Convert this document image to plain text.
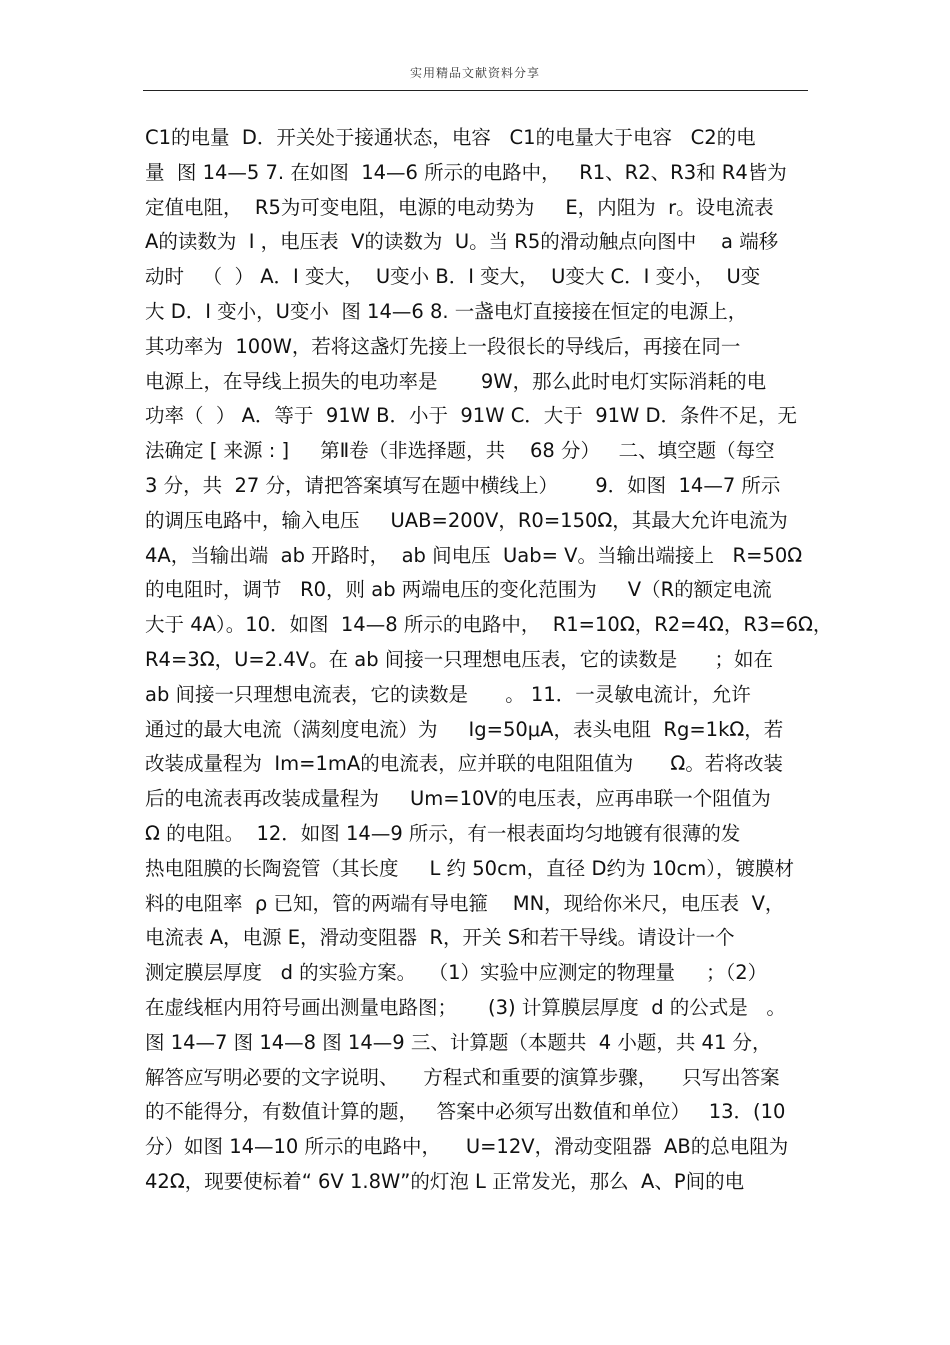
实用精品文献资料分享
C1的电量  D．开关处于接通状态，电容   C1的电量大于电容   C2的电
量  图 14—5 7. 在如图  14—6 所示的电路中，   R1、R2、R3和 R4皆为
定值电阻，  R5为可变电阻，电源的电动势为     E，内阻为  r。设电流表
A的读数为  I ，电压表  V的读数为  U。当 R5的滑动触点向图中    a 端移
动时   （  ） A．I 变大，  U变小 B．I 变大，  U变大 C．I 变小，  U变
大 D．I 变小，U变小  图 14—6 8. 一盏电灯直接接在恒定的电源上，
其功率为  100W，若将这盏灯先接上一段很长的导线后，再接在同一
电源上，在导线上损失的电功率是       9W，那么此时电灯实际消耗的电
功率（  ） A．等于  91W B．小于  91W C．大于  91W D．条件不足，无
法确定 [ 来源 : ]     第Ⅱ卷（非选择题，共    68 分）   二、填空题（每空
3 分，共  27 分，请把答案填写在题中横线上）      9．如图  14—7 所示
的调压电路中，输入电压     UAB=200V，R0=150Ω，其最大允许电流为
4A，当输出端  ab 开路时，  ab 间电压  Uab= V。当输出端接上   R=50Ω
的电阻时，调节   R0，则 ab 两端电压的变化范围为     V（R的额定电流
大于 4A）。10．如图  14—8 所示的电路中，  R1=10Ω，R2=4Ω，R3=6Ω，
R4=3Ω，U=2.4V。在 ab 间接一只理想电压表，它的读数是      ；如在
ab 间接一只理想电流表，它的读数是      。 11．一灵敏电流计，允许
通过的最大电流（满刻度电流）为     Ig=50μA，表头电阻  Rg=1kΩ，若
改装成量程为  Im=1mA的电流表，应并联的电阻阻值为      Ω。若将改装
后的电流表再改装成量程为     Um=10V的电压表，应再串联一个阻值为
Ω 的电阻。  12．如图 14—9 所示，有一根表面均匀地镀有很薄的发
热电阻膜的长陶瓷管（其长度     L 约 50cm，直径 D约为 10cm），镀膜材
料的电阻率  ρ 已知，管的两端有导电箍    MN，现给你米尺，电压表  V，
电流表 A，电源 E，滑动变阻器  R，开关 S和若干导线。请设计一个
测定膜层厚度   d 的实验方案。  （1）实验中应测定的物理量     ；（2）
在虚线框内用符号画出测量电路图；     (3) 计算膜层厚度  d 的公式是   。
图 14—7 图 14—8 图 14—9 三、计算题（本题共  4 小题，共 41 分，
解答应写明必要的文字说明、    方程式和重要的演算步骤，    只写出答案
的不能得分，有数值计算的题，   答案中必须写出数值和单位）   13．(10
分）如图 14—10 所示的电路中，    U=12V，滑动变阻器  AB的总电阻为
42Ω，现要使标着“ 6V 1.8W”的灯泡 L 正常发光，那么  A、P间的电
